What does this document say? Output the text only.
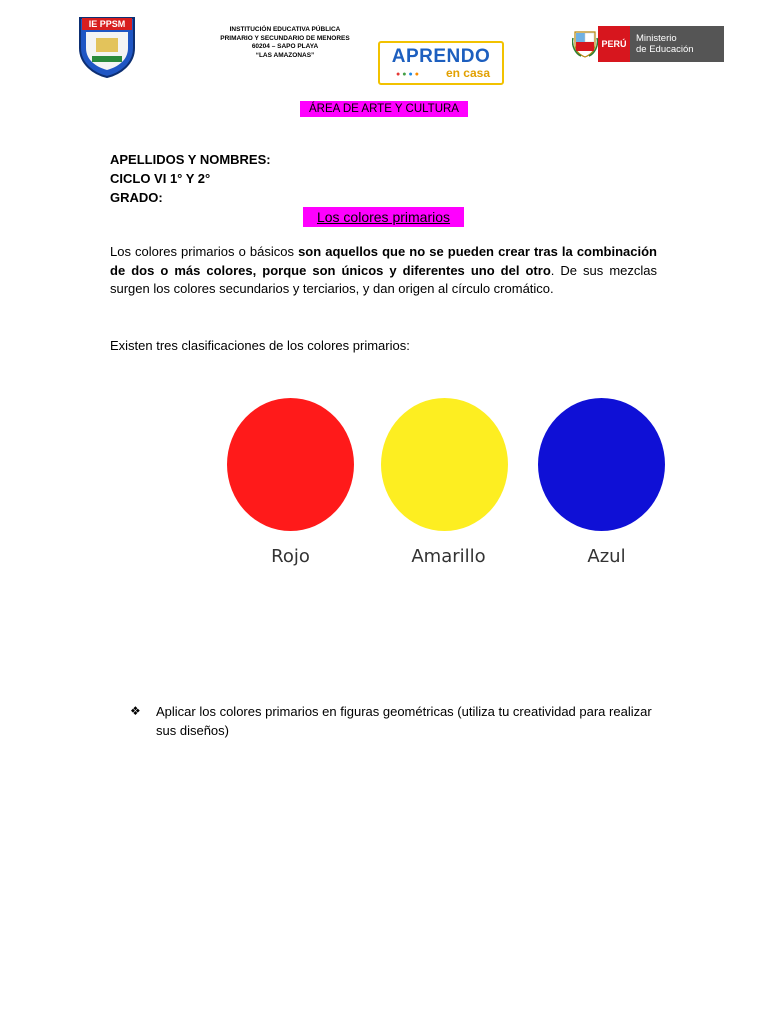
IE PPSM
INSTITUCIÓN EDUCATIVA PÚBLICA
PRIMARIO Y SECUNDARIO DE MENORES
60204 – SAPO PLAYA
“LAS AMAZONAS”	APRENDO
●●●● en casa
PERÚ	Ministerio
de Educación
ÁREA DE ARTE Y CULTURA
APELLIDOS Y NOMBRES:
CICLO VI 1° Y 2°
GRADO:
Los colores primarios
Los colores primarios o básicos son aquellos que no se pueden crear tras la combinación de dos o más colores, porque son únicos y diferentes uno del otro. De sus mezclas surgen los colores secundarios y terciarios, y dan origen al círculo cromático.
Existen tres clasificaciones de los colores primarios:
Rojo	Amarillo	Azul
❖ Aplicar los colores primarios en figuras geométricas (utiliza tu creatividad para realizar sus diseños)
